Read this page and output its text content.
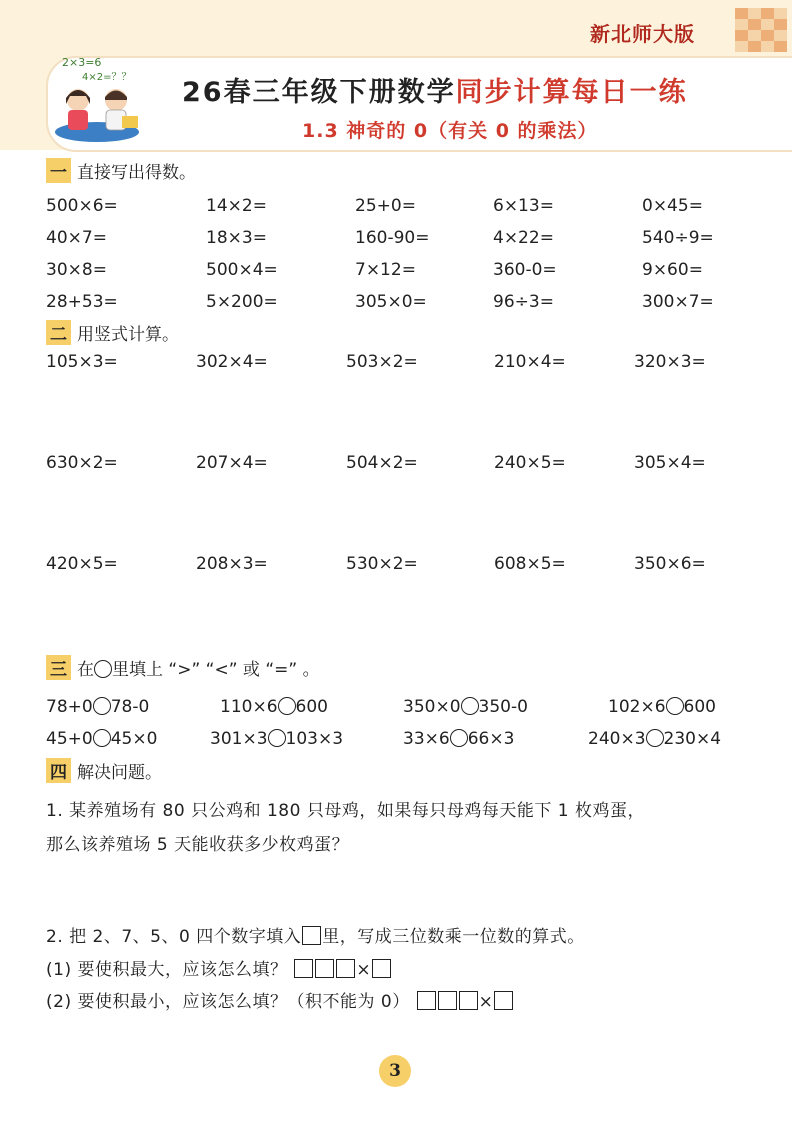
新北师大版
2×3=6
4×2=？？ 26春三年级下册数学同步计算每日一练
1.3 神奇的 0（有关 0 的乘法）
一 直接写出得数。
500×6=	14×2=	25+0=	6×13=	0×45=
40×7=	18×3=	160-90=	4×22=	540÷9=
30×8=	500×4=	7×12=	360-0=	9×60=
28+53=	5×200=	305×0=	96÷3=	300×7=
二 用竖式计算。
105×3=	302×4=	503×2=	210×4=	320×3=
630×2=	207×4=	504×2=	240×5=	305×4=
420×5=	208×3=	530×2=	608×5=	350×6=
三 在 里填上 “>” “<” 或 “=” 。
78+0 78-0	110×6 600	350×0 350-0	102×6 600
45+0 45×0	301×3 103×3	33×6 66×3	240×3 230×4
四 解决问题。
1. 某养殖场有 80 只公鸡和 180 只母鸡，如果每只母鸡每天能下 1 枚鸡蛋，
那么该养殖场 5 天能收获多少枚鸡蛋？
2. 把 2、7、5、0 四个数字填入 里，写成三位数乘一位数的算式。
(1) 要使积最大，应该怎么填？	×
(2) 要使积最小，应该怎么填？（积不能为 0）	×
3
